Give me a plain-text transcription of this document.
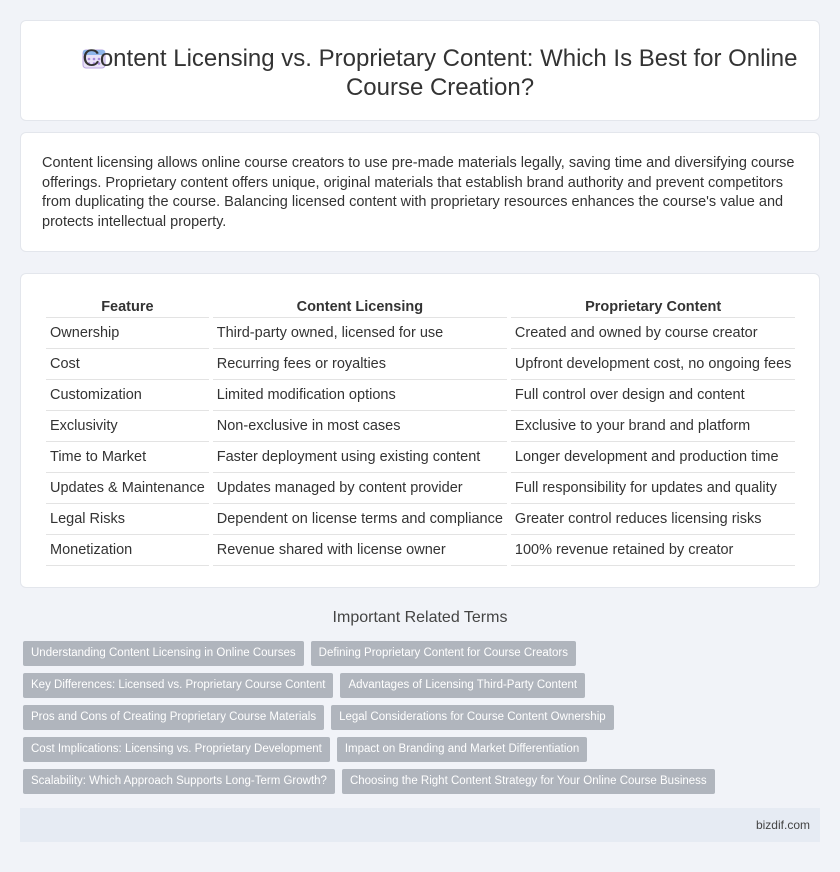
Content Licensing vs. Proprietary Content: Which Is Best for Online Course Creation?

Content licensing allows online course creators to use pre-made materials legally, saving time and diversifying course offerings. Proprietary content offers unique, original materials that establish brand authority and prevent competitors from duplicating the course. Balancing licensed content with proprietary resources enhances the course's value and protects intellectual property.

Feature	Content Licensing	Proprietary Content
Ownership	Third-party owned, licensed for use	Created and owned by course creator
Cost	Recurring fees or royalties	Upfront development cost, no ongoing fees
Customization	Limited modification options	Full control over design and content
Exclusivity	Non-exclusive in most cases	Exclusive to your brand and platform
Time to Market	Faster deployment using existing content	Longer development and production time
Updates & Maintenance	Updates managed by content provider	Full responsibility for updates and quality
Legal Risks	Dependent on license terms and compliance	Greater control reduces licensing risks
Monetization	Revenue shared with license owner	100% revenue retained by creator
Important Related Terms
Understanding Content Licensing in Online Courses	Defining Proprietary Content for Course Creators
Key Differences: Licensed vs. Proprietary Course Content	Advantages of Licensing Third-Party Content
Pros and Cons of Creating Proprietary Course Materials	Legal Considerations for Course Content Ownership
Cost Implications: Licensing vs. Proprietary Development	Impact on Branding and Market Differentiation
Scalability: Which Approach Supports Long-Term Growth?	Choosing the Right Content Strategy for Your Online Course Business
bizdif.com
